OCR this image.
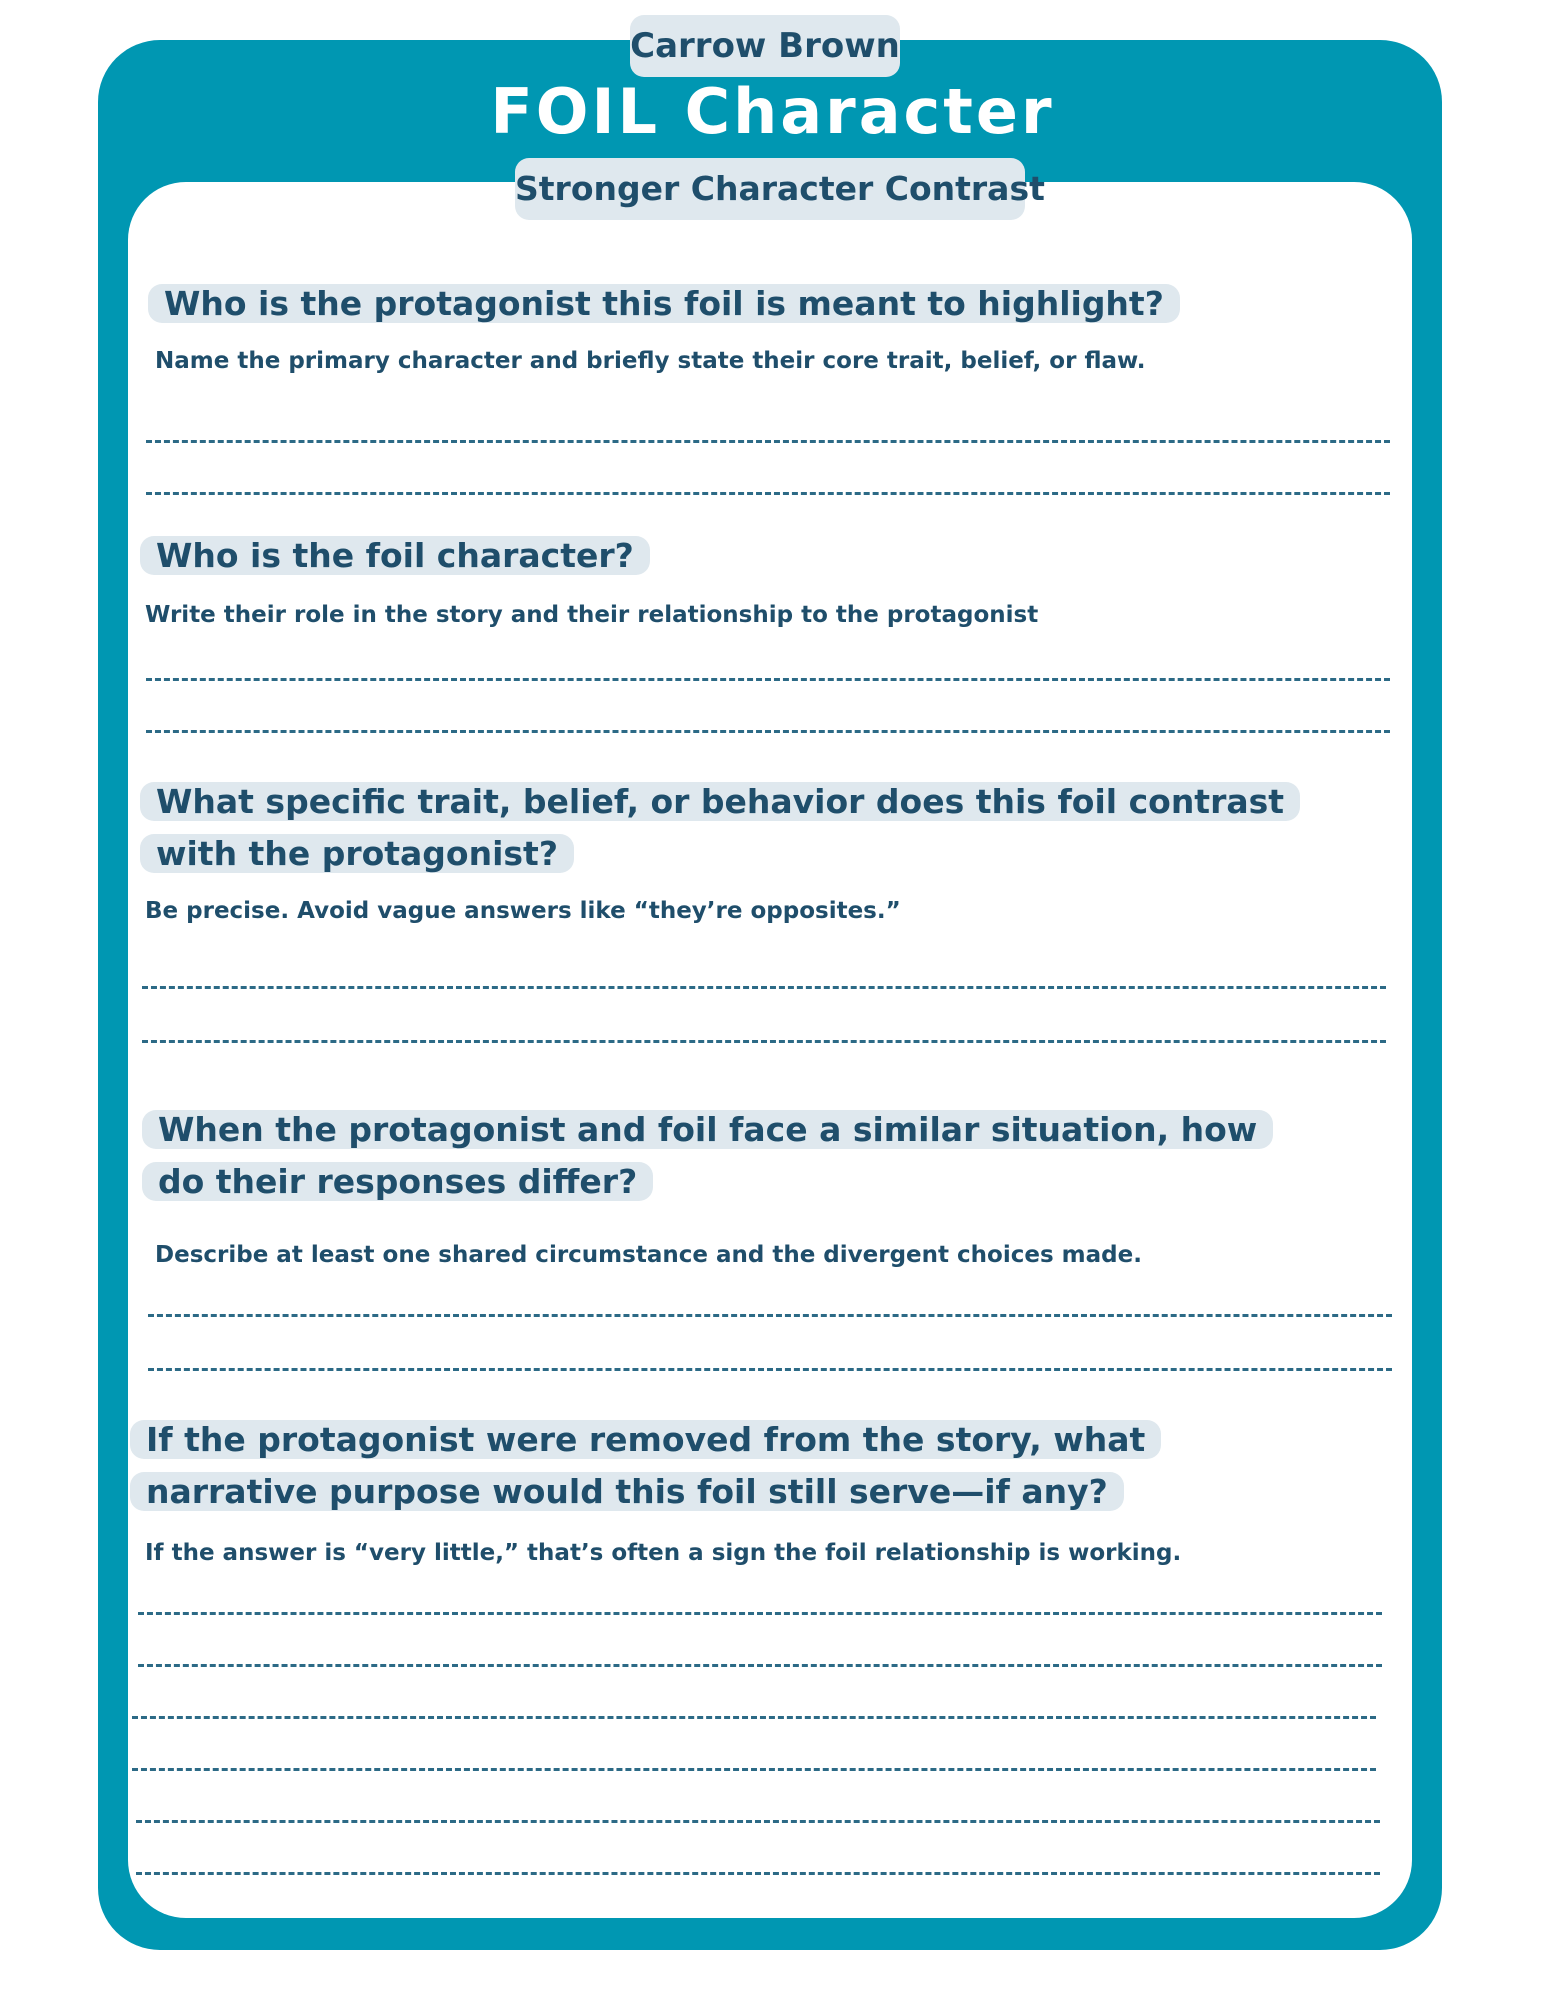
Carrow Brown
FOIL Character
Stronger Character Contrast

Who is the protagonist this foil is meant to highlight?

Name the primary character and briefly state their core trait, belief, or flaw.

Who is the foil character?

Write their role in the story and their relationship to the protagonist

What specific trait, belief, or behavior does this foil contrast with the protagonist?

Be precise. Avoid vague answers like “they’re opposites.”

When the protagonist and foil face a similar situation, how do their responses differ?

Describe at least one shared circumstance and the divergent choices made.

If the protagonist were removed from the story, what narrative purpose would this foil still serve—if any?

If the answer is “very little,” that’s often a sign the foil relationship is working.
